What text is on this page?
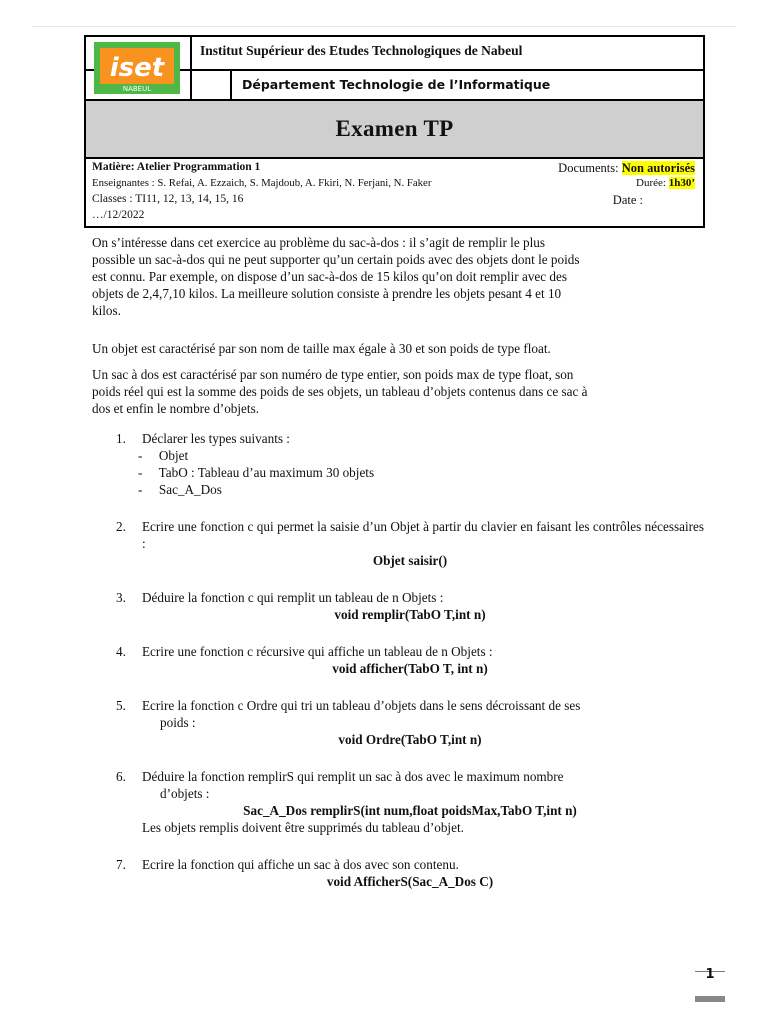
iset
NABEUL
Institut Supérieur des Etudes Technologiques de Nabeul
Département Technologie de l’Informatique
Examen TP
Matière: Atelier Programmation 1
Enseignantes : S. Refai, A. Ezzaich, S. Majdoub, A. Fkiri, N. Ferjani, N. Faker
Classes : TI11, 12, 13, 14, 15, 16
…/12/2022
Documents: Non autorisés
Durée: 1h30’
Date :
On s’intéresse dans cet exercice au problème du sac-à-dos : il s’agit de remplir le plus
possible un sac-à-dos qui ne peut supporter qu’un certain poids avec des objets dont le poids
est connu. Par exemple, on dispose d’un sac-à-dos de 15 kilos qu’on doit remplir avec des
objets de 2,4,7,10 kilos. La meilleure solution consiste à prendre les objets pesant 4 et 10
kilos.
Un objet est caractérisé par son nom de taille max égale à 30 et son poids de type float.
Un sac à dos est caractérisé par son numéro de type entier, son poids max de type float, son
poids réel qui est la somme des poids de ses objets, un tableau d’objets contenus dans ce sac à
dos et enfin le nombre d’objets.
1. Déclarer les types suivants :
-     Objet
-     TabO : Tableau d’au maximum 30 objets
-     Sac_A_Dos
2. Ecrire une fonction c qui permet la saisie d’un Objet à partir du clavier en faisant les contrôles nécessaires :
Objet saisir()
3. Déduire la fonction c qui remplit un tableau de n Objets :
void remplir(TabO T,int n)
4. Ecrire une fonction c récursive qui affiche un tableau de n Objets :
void afficher(TabO T, int n)
5. Ecrire la fonction c Ordre qui tri un tableau d’objets dans le sens décroissant de ses
poids :
void Ordre(TabO T,int n)
6. Déduire la fonction remplirS qui remplit un sac à dos avec le maximum nombre
d’objets :
Sac_A_Dos remplirS(int num,float poidsMax,TabO T,int n)
Les objets remplis doivent être supprimés du tableau d’objet.
7. Ecrire la fonction qui affiche un sac à dos avec son contenu.
void AfficherS(Sac_A_Dos C)
1
